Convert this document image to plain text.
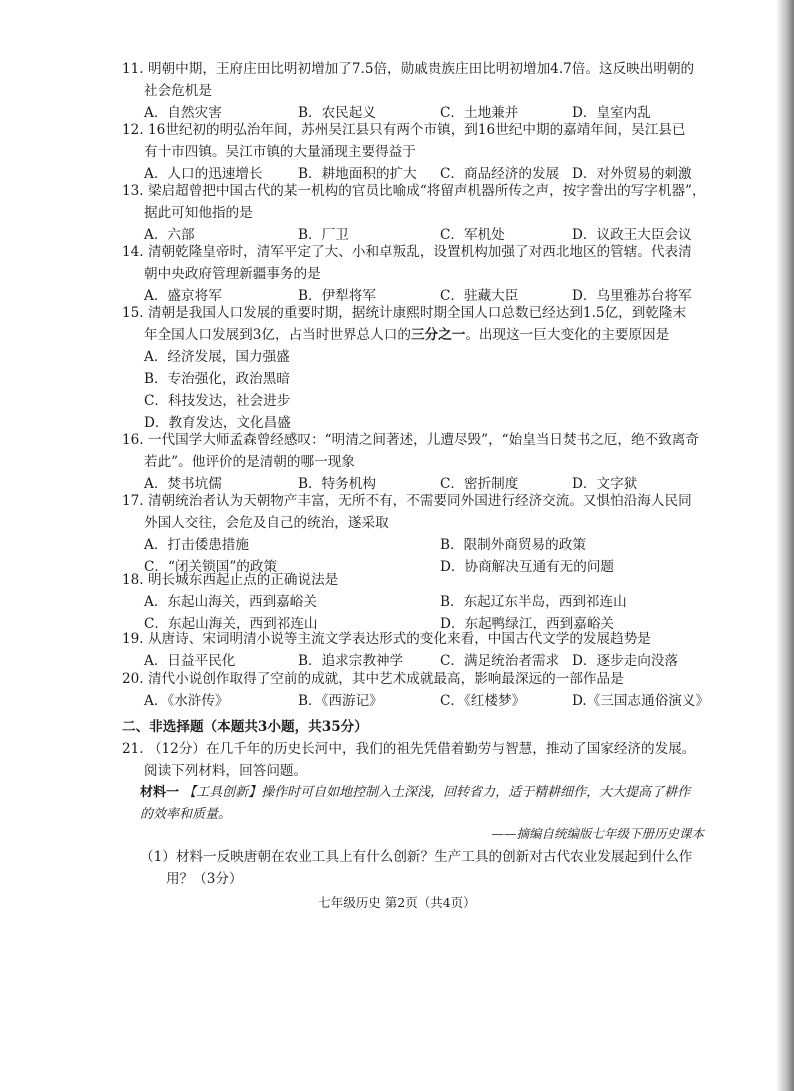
11. 明朝中期，王府庄田比明初增加了7.5倍，勋戚贵族庄田比明初增加4.7倍。这反映出明朝的

社会危机是

A．自然灾害	B．农民起义	C．土地兼并	D．皇室内乱

12. 16世纪初的明弘治年间，苏州吴江县只有两个市镇，到16世纪中期的嘉靖年间，吴江县已

有十市四镇。吴江市镇的大量涌现主要得益于

A．人口的迅速增长	B．耕地面积的扩大 C．商品经济的发展 D．对外贸易的刺激

13. 梁启超曾把中国古代的某一机构的官员比喻成“将留声机器所传之声，按字誊出的写字机器”，

据此可知他指的是

A．六部	B．厂卫	C．军机处	D．议政王大臣会议

14. 清朝乾隆皇帝时，清军平定了大、小和卓叛乱，设置机构加强了对西北地区的管辖。代表清

朝中央政府管理新疆事务的是

A．盛京将军	B．伊犁将军	C．驻藏大臣	D．乌里雅苏台将军

15. 清朝是我国人口发展的重要时期，据统计康熙时期全国人口总数已经达到1.5亿，到乾隆末

年全国人口发展到3亿，占当时世界总人口的三分之一。出现这一巨大变化的主要原因是

A．经济发展，国力强盛

B．专治强化，政治黑暗

C．科技发达，社会进步

D．教育发达，文化昌盛

16. 一代国学大师孟森曾经感叹：“明清之间著述，儿遭尽毁”，“始皇当日焚书之厄，绝不致离奇

若此”。他评价的是清朝的哪一现象

A．焚书坑儒	B．特务机构	C．密折制度	D．文字狱

17. 清朝统治者认为天朝物产丰富，无所不有，不需要同外国进行经济交流。又惧怕沿海人民同

外国人交往，会危及自己的统治，遂采取

A．打击倭患措施	B．限制外商贸易的政策
C．“闭关锁国”的政策	D．协商解决互通有无的问题

18. 明长城东西起止点的正确说法是

A．东起山海关，西到嘉峪关	B．东起辽东半岛，西到祁连山
C．东起山海关，西到祁连山	D．东起鸭绿江，西到嘉峪关

19. 从唐诗、宋词明清小说等主流文学表达形式的变化来看，中国古代文学的发展趋势是

A．日益平民化	B．追求宗教神学	C．满足统治者需求 D．逐步走向没落

20. 清代小说创作取得了空前的成就，其中艺术成就最高，影响最深远的一部作品是

A．《水浒传》	B．《西游记》	C．《红楼梦》	D.《三国志通俗演义》
二、非选择题（本题共3小题，共35分）

21. （12分）在几千年的历史长河中，我们的祖先凭借着勤劳与智慧，推动了国家经济的发展。

阅读下列材料，回答问题。

材料一 【工具创新】操作时可自如地控制入土深浅，回转省力，适于精耕细作，大大提高了耕作的效率和质量。
——摘编自统编版七年级下册历史课本

（1）材料一反映唐朝在农业工具上有什么创新？生产工具的创新对古代农业发展起到什么作

用？（3分）

七年级历史 第2页（共4页）
